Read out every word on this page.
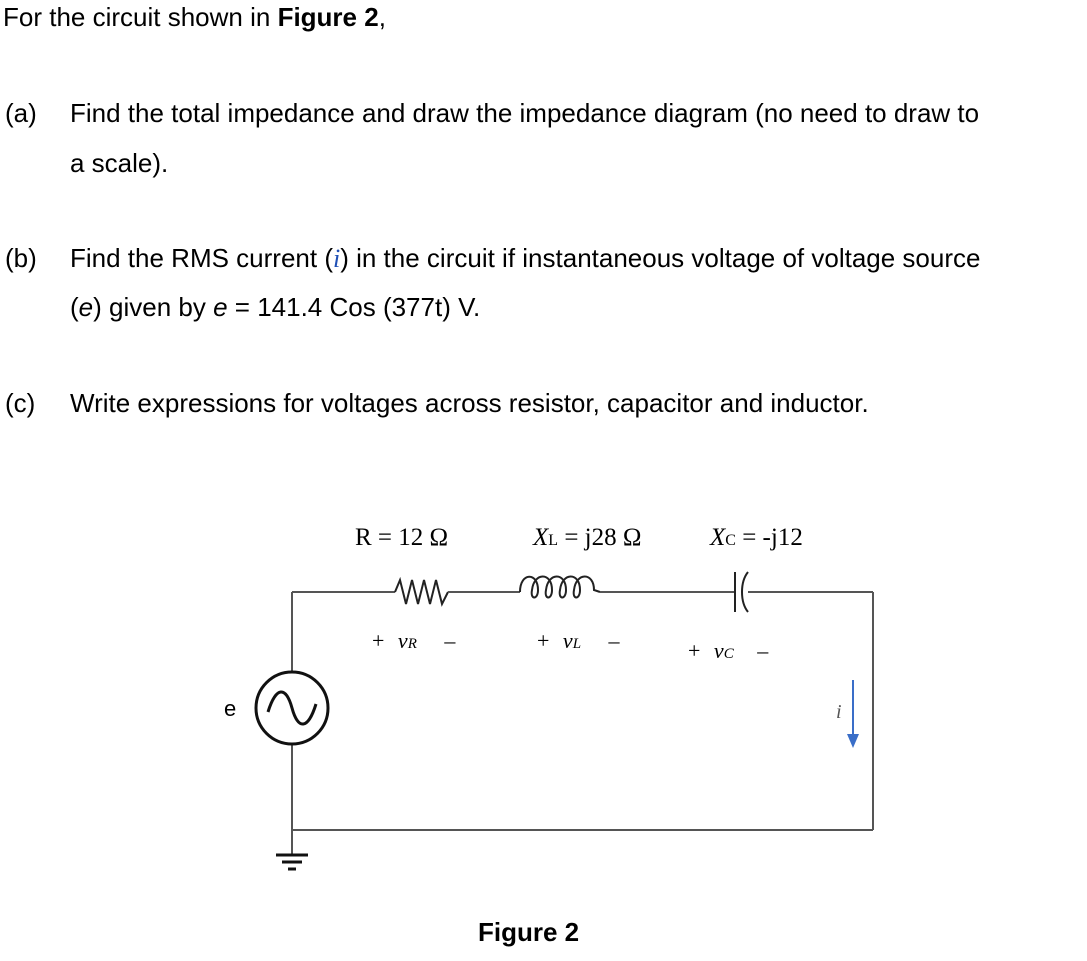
For the circuit shown in Figure 2,
(a) Find the total impedance and draw the impedance diagram (no need to draw to
a scale).
(b) Find the RMS current (i) in the circuit if instantaneous voltage of voltage source
(e) given by e = 141.4 Cos (377t) V.
(c) Write expressions for voltages across resistor, capacitor and inductor.
R = 12 Ω	XL = j28 Ω	XC = -j12
+ vR –	+ vL –	+ vC –
e	i
Figure 2
